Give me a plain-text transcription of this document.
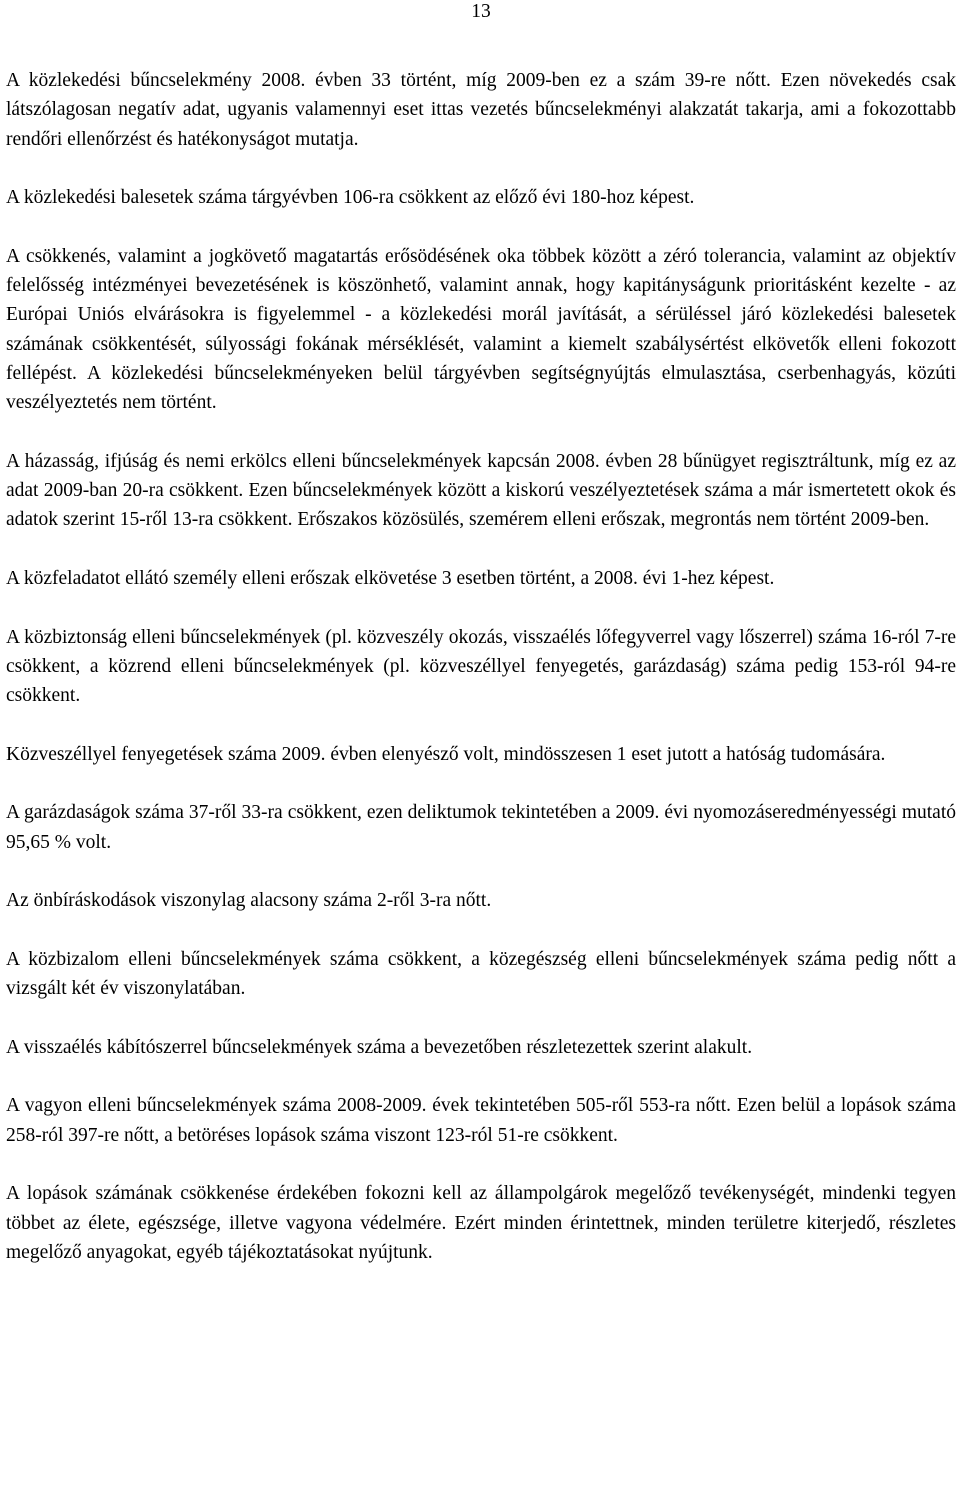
13

A közlekedési bűncselekmény 2008. évben 33 történt, míg 2009-ben ez a szám 39-re nőtt. Ezen növekedés csak látszólagosan negatív adat, ugyanis valamennyi eset ittas vezetés bűncselekményi alakzatát takarja, ami a fokozottabb rendőri ellenőrzést és hatékonyságot mutatja.

A közlekedési balesetek száma tárgyévben 106-ra csökkent az előző évi 180-hoz képest.

A csökkenés, valamint a jogkövető magatartás erősödésének oka többek között a zéró tolerancia, valamint az objektív felelősség intézményei bevezetésének is köszönhető, valamint annak, hogy kapitányságunk prioritásként kezelte - az Európai Uniós elvárásokra is figyelemmel - a közlekedési morál javítását, a sérüléssel járó közlekedési balesetek számának csökkentését, súlyossági fokának mérséklését, valamint a kiemelt szabálysértést elkövetők elleni fokozott fellépést. A közlekedési bűncselekményeken belül tárgyévben segítségnyújtás elmulasztása, cserbenhagyás, közúti veszélyeztetés nem történt.

A házasság, ifjúság és nemi erkölcs elleni bűncselekmények kapcsán 2008. évben 28 bűnügyet regisztráltunk, míg ez az adat 2009-ban 20-ra csökkent. Ezen bűncselekmények között a kiskorú veszélyeztetések száma a már ismertetett okok és adatok szerint 15-ről 13-ra csökkent. Erőszakos közösülés, szemérem elleni erőszak, megrontás nem történt 2009-ben.

A közfeladatot ellátó személy elleni erőszak elkövetése 3 esetben történt, a 2008. évi 1-hez képest.

A közbiztonság elleni bűncselekmények (pl. közveszély okozás, visszaélés lőfegyverrel vagy lőszerrel) száma 16-ról 7-re csökkent, a közrend elleni bűncselekmények (pl. közveszéllyel fenyegetés, garázdaság) száma pedig 153-ról 94-re csökkent.

Közveszéllyel fenyegetések száma 2009. évben elenyésző volt, mindösszesen 1 eset jutott a hatóság tudomására.

A garázdaságok száma 37-ről 33-ra csökkent, ezen deliktumok tekintetében a 2009. évi nyomozáseredményességi mutató 95,65 % volt.

Az önbíráskodások viszonylag alacsony száma 2-ről 3-ra nőtt.

A közbizalom elleni bűncselekmények száma csökkent, a közegészség elleni bűncselekmények száma pedig nőtt a vizsgált két év viszonylatában.

A visszaélés kábítószerrel bűncselekmények száma a bevezetőben részletezettek szerint alakult.

A vagyon elleni bűncselekmények száma 2008-2009. évek tekintetében 505-ről 553-ra nőtt. Ezen belül a lopások száma 258-ról 397-re nőtt, a betöréses lopások száma viszont 123-ról 51-re csökkent.

A lopások számának csökkenése érdekében fokozni kell az állampolgárok megelőző tevékenységét, mindenki tegyen többet az élete, egészsége, illetve vagyona védelmére. Ezért minden érintettnek, minden területre kiterjedő, részletes megelőző anyagokat, egyéb tájékoztatásokat nyújtunk.
